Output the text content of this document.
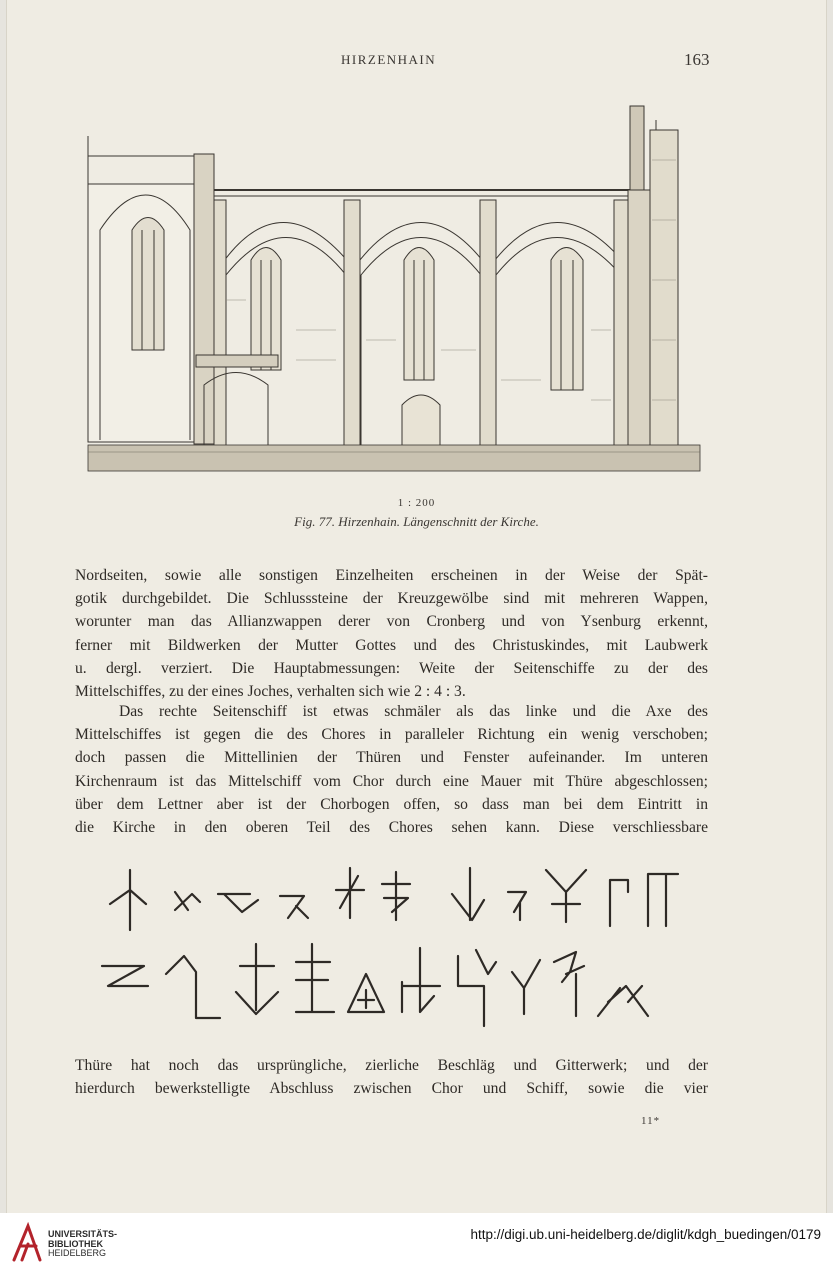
HIRZENHAIN	163
1 : 200
Fig. 77. Hirzenhain. Längenschnitt der Kirche.
Nordseiten, sowie alle sonstigen Einzelheiten erscheinen in der Weise der Spät-
gotik durchgebildet. Die Schlusssteine der Kreuzgewölbe sind mit mehreren Wappen,
worunter man das Allianzwappen derer von Cronberg und von Ysenburg erkennt,
ferner mit Bildwerken der Mutter Gottes und des Christuskindes, mit Laubwerk
u. dergl. verziert. Die Hauptabmessungen: Weite der Seitenschiffe zu der des
Mittelschiffes, zu der eines Joches, verhalten sich wie 2 : 4 : 3.
Das rechte Seitenschiff ist etwas schmäler als das linke und die Axe des
Mittelschiffes ist gegen die des Chores in paralleler Richtung ein wenig verschoben;
doch passen die Mittellinien der Thüren und Fenster aufeinander. Im unteren
Kirchenraum ist das Mittelschiff vom Chor durch eine Mauer mit Thüre abgeschlossen;
über dem Lettner aber ist der Chorbogen offen, so dass man bei dem Eintritt in
die Kirche in den oberen Teil des Chores sehen kann. Diese verschliessbare
Thüre hat noch das ursprüngliche, zierliche Beschläg und Gitterwerk; und der
hierdurch bewerkstelligte Abschluss zwischen Chor und Schiff, sowie die vier
11*
UNIVERSITÄTS-
BIBLIOTHEK
HEIDELBERG
http://digi.ub.uni-heidelberg.de/diglit/kdgh_buedingen/0179
